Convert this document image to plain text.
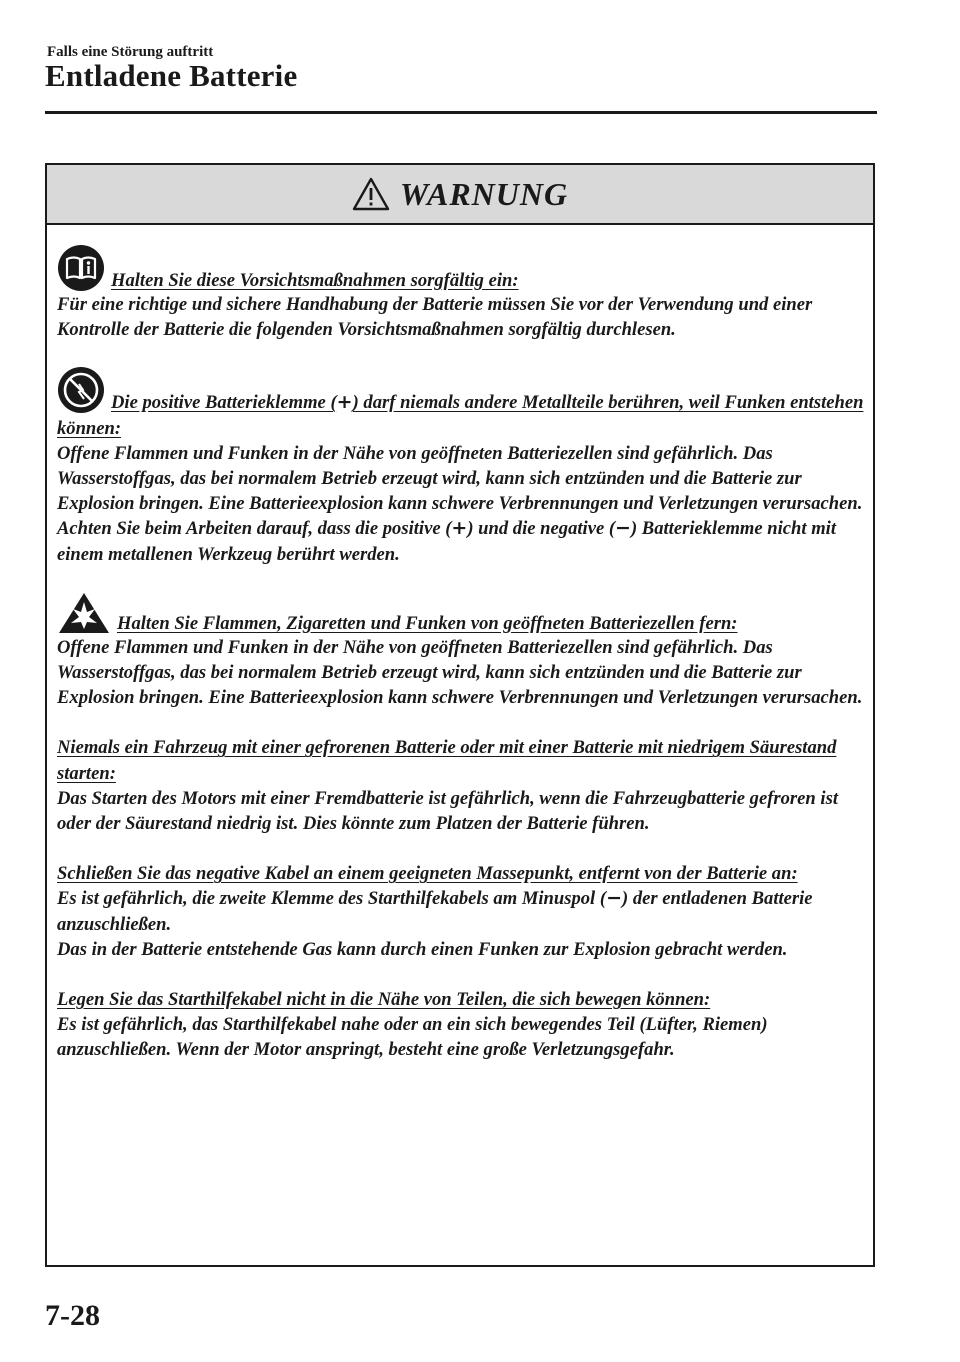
Falls eine Störung auftritt
Entladene Batterie
WARNUNG

Halten Sie diese Vorsichtsmaßnahmen sorgfältig ein:

Für eine richtige und sichere Handhabung der Batterie müssen Sie vor der Verwendung und einer Kontrolle der Batterie die folgenden Vorsichtsmaßnahmen sorgfältig durchlesen.

Die positive Batterieklemme (+) darf niemals andere Metallteile berühren, weil Funken entstehen können:

Offene Flammen und Funken in der Nähe von geöffneten Batteriezellen sind gefährlich. Das Wasserstoffgas, das bei normalem Betrieb erzeugt wird, kann sich entzünden und die Batterie zur Explosion bringen. Eine Batterieexplosion kann schwere Verbrennungen und Verletzungen verursachen. Achten Sie beim Arbeiten darauf, dass die positive (+) und die negative (−) Batterieklemme nicht mit einem metallenen Werkzeug berührt werden.

Halten Sie Flammen, Zigaretten und Funken von geöffneten Batteriezellen fern:

Offene Flammen und Funken in der Nähe von geöffneten Batteriezellen sind gefährlich. Das Wasserstoffgas, das bei normalem Betrieb erzeugt wird, kann sich entzünden und die Batterie zur Explosion bringen. Eine Batterieexplosion kann schwere Verbrennungen und Verletzungen verursachen.

Niemals ein Fahrzeug mit einer gefrorenen Batterie oder mit einer Batterie mit niedrigem Säurestand starten:

Das Starten des Motors mit einer Fremdbatterie ist gefährlich, wenn die Fahrzeugbatterie gefroren ist oder der Säurestand niedrig ist. Dies könnte zum Platzen der Batterie führen.

Schließen Sie das negative Kabel an einem geeigneten Massepunkt, entfernt von der Batterie an:

Es ist gefährlich, die zweite Klemme des Starthilfekabels am Minuspol (−) der entladenen Batterie anzuschließen.

Das in der Batterie entstehende Gas kann durch einen Funken zur Explosion gebracht werden.

Legen Sie das Starthilfekabel nicht in die Nähe von Teilen, die sich bewegen können:

Es ist gefährlich, das Starthilfekabel nahe oder an ein sich bewegendes Teil (Lüfter, Riemen) anzuschließen. Wenn der Motor anspringt, besteht eine große Verletzungsgefahr.

7-28
